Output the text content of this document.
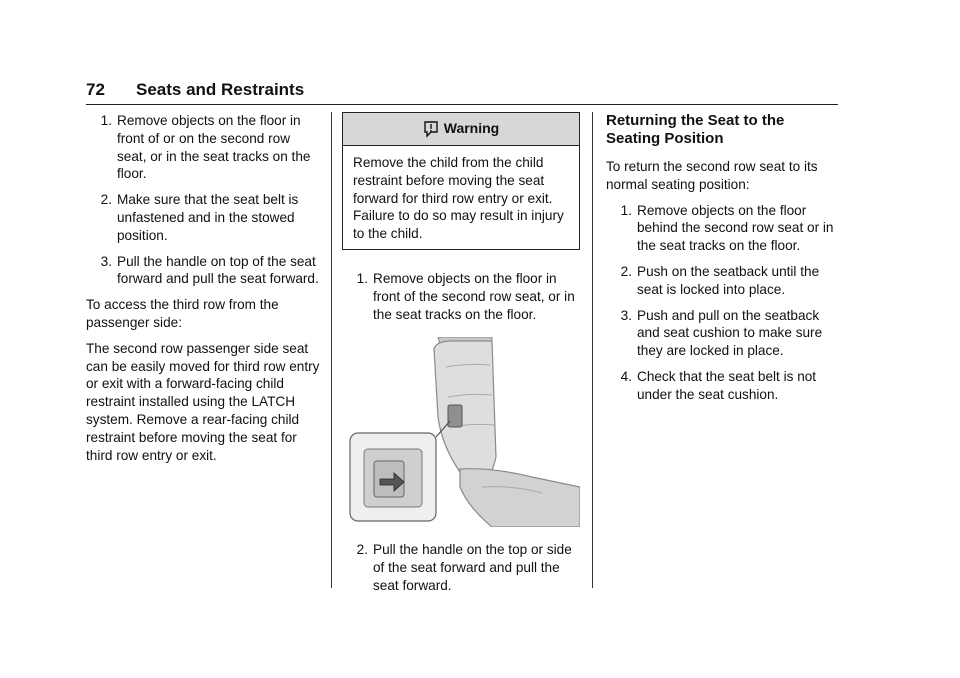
72 Seats and Restraints
1. Remove objects on the floor in front of or on the second row seat, or in the seat tracks on the floor.
2. Make sure that the seat belt is unfastened and in the stowed position.
3. Pull the handle on top of the seat forward and pull the seat forward.

To access the third row from the passenger side:

The second row passenger side seat can be easily moved for third row entry or exit with a forward-facing child restraint installed using the LATCH system. Remove a rear-facing child restraint before moving the seat for third row entry or exit.

Warning
Remove the child from the child restraint before moving the seat forward for third row entry or exit. Failure to do so may result in injury to the child.
1. Remove objects on the floor in front of the second row seat, or in the seat tracks on the floor.
2. Pull the handle on the top or side of the seat forward and pull the seat forward.
Returning the Seat to the Seating Position

To return the second row seat to its normal seating position:

1. Remove objects on the floor behind the second row seat or in the seat tracks on the floor.
2. Push on the seatback until the seat is locked into place.
3. Push and pull on the seatback and seat cushion to make sure they are locked in place.
4. Check that the seat belt is not under the seat cushion.
